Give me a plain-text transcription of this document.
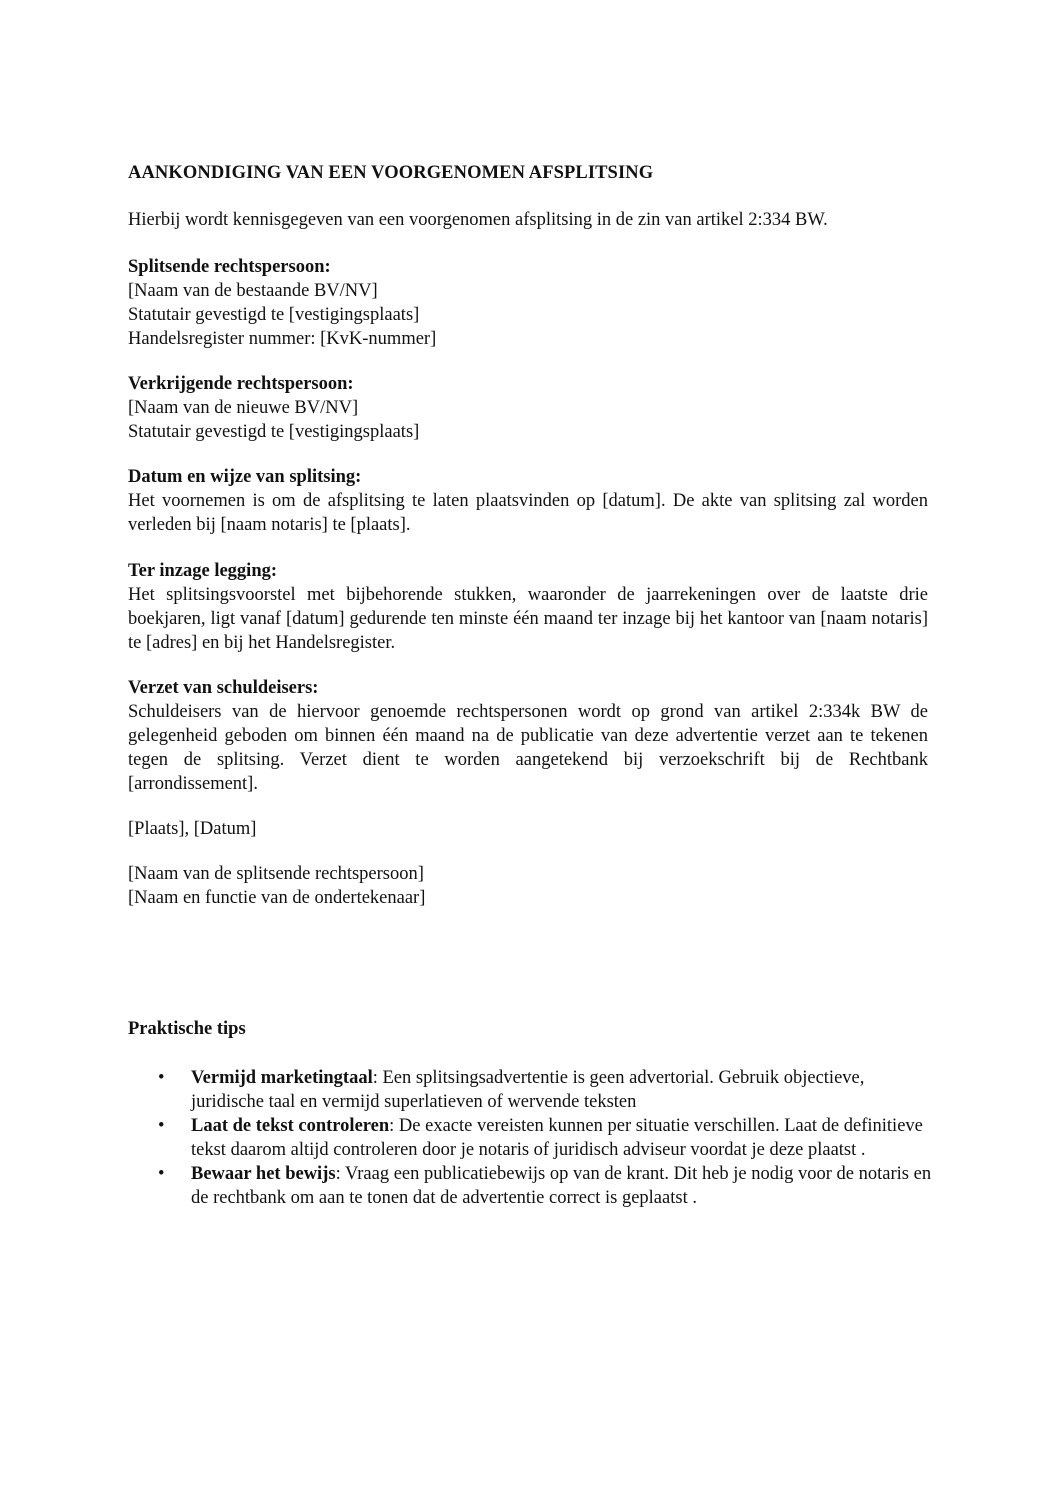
AANKONDIGING VAN EEN VOORGENOMEN AFSPLITSING
Hierbij wordt kennisgegeven van een voorgenomen afsplitsing in de zin van artikel 2:334 BW.
Splitsende rechtspersoon:
[Naam van de bestaande BV/NV]
Statutair gevestigd te [vestigingsplaats]
Handelsregister nummer: [KvK-nummer]
Verkrijgende rechtspersoon:
[Naam van de nieuwe BV/NV]
Statutair gevestigd te [vestigingsplaats]
Datum en wijze van splitsing:

Het voornemen is om de afsplitsing te laten plaatsvinden op [datum]. De akte van splitsing zal worden verleden bij [naam notaris] te [plaats].

Ter inzage legging:

Het splitsingsvoorstel met bijbehorende stukken, waaronder de jaarrekeningen over de laatste drie boekjaren, ligt vanaf [datum] gedurende ten minste één maand ter inzage bij het kantoor van [naam notaris] te [adres] en bij het Handelsregister.

Verzet van schuldeisers:

Schuldeisers van de hiervoor genoemde rechtspersonen wordt op grond van artikel 2:334k BW de gelegenheid geboden om binnen één maand na de publicatie van deze advertentie verzet aan te tekenen tegen de splitsing. Verzet dient te worden aangetekend bij verzoekschrift bij de Rechtbank [arrondissement].

[Plaats], [Datum]
[Naam van de splitsende rechtspersoon]
[Naam en functie van de ondertekenaar]
Praktische tips
• Vermijd marketingtaal: Een splitsingsadvertentie is geen advertorial. Gebruik objectieve, juridische taal en vermijd superlatieven of wervende teksten
• Laat de tekst controleren: De exacte vereisten kunnen per situatie verschillen. Laat de definitieve tekst daarom altijd controleren door je notaris of juridisch adviseur voordat je deze plaatst .
• Bewaar het bewijs: Vraag een publicatiebewijs op van de krant. Dit heb je nodig voor de notaris en de rechtbank om aan te tonen dat de advertentie correct is geplaatst .
